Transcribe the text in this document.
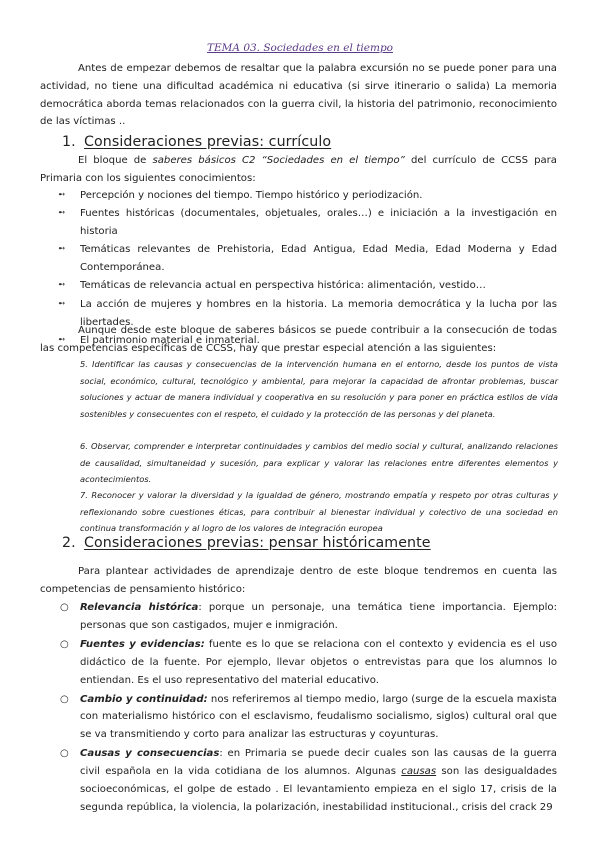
TEMA 03. Sociedades en el tiempo

Antes de empezar debemos de resaltar que la palabra excursión no se puede poner para una actividad, no tiene una dificultad académica ni educativa (si sirve itinerario o salida) La memoria democrática aborda temas relacionados con la guerra civil, la historia del patrimonio, reconocimiento de las víctimas ..

1. Consideraciones previas: currículo

El bloque de saberes básicos C2 “Sociedades en el tiempo” del currículo de CCSS para Primaria con los siguientes conocimientos:

➻ Percepción y nociones del tiempo. Tiempo histórico y periodización.
➻ Fuentes históricas (documentales, objetuales, orales…) e iniciación a la investigación en historia
➻ Temáticas relevantes de Prehistoria, Edad Antigua, Edad Media, Edad Moderna y Edad Contemporánea.
➻ Temáticas de relevancia actual en perspectiva histórica: alimentación, vestido…
➻ La acción de mujeres y hombres en la historia. La memoria democrática y la lucha por las libertades.
➻ El patrimonio material e inmaterial.

Aunque desde este bloque de saberes básicos se puede contribuir a la consecución de todas las competencias específicas de CCSS, hay que prestar especial atención a las siguientes:

5. Identificar las causas y consecuencias de la intervención humana en el entorno, desde los puntos de vista social, económico, cultural, tecnológico y ambiental, para mejorar la capacidad de afrontar problemas, buscar soluciones y actuar de manera individual y cooperativa en su resolución y para poner en práctica estilos de vida sostenibles y consecuentes con el respeto, el cuidado y la protección de las personas y del planeta.

6. Observar, comprender e interpretar continuidades y cambios del medio social y cultural, analizando relaciones de causalidad, simultaneidad y sucesión, para explicar y valorar las relaciones entre diferentes elementos y acontecimientos.

7. Reconocer y valorar la diversidad y la igualdad de género, mostrando empatía y respeto por otras culturas y reflexionando sobre cuestiones éticas, para contribuir al bienestar individual y colectivo de una sociedad en continua transformación y al logro de los valores de integración europea

2. Consideraciones previas: pensar históricamente

Para plantear actividades de aprendizaje dentro de este bloque tendremos en cuenta las competencias de pensamiento histórico:

○ Relevancia histórica: porque un personaje, una temática tiene importancia. Ejemplo: personas que son castigados, mujer e inmigración.
○ Fuentes y evidencias: fuente es lo que se relaciona con el contexto y evidencia es el uso didáctico de la fuente. Por ejemplo, llevar objetos o entrevistas para que los alumnos lo entiendan. Es el uso representativo del material educativo.
○ Cambio y continuidad: nos referiremos al tiempo medio, largo (surge de la escuela maxista con materialismo histórico con el esclavismo, feudalismo socialismo, siglos) cultural oral que se va transmitiendo y corto para analizar las estructuras y coyunturas.
○ Causas y consecuencias: en Primaria se puede decir cuales son las causas de la guerra civil española en la vida cotidiana de los alumnos. Algunas causas son las desigualdades socioeconómicas, el golpe de estado . El levantamiento empieza en el siglo 17, crisis de la segunda república, la violencia, la polarización, inestabilidad institucional., crisis del crack 29
